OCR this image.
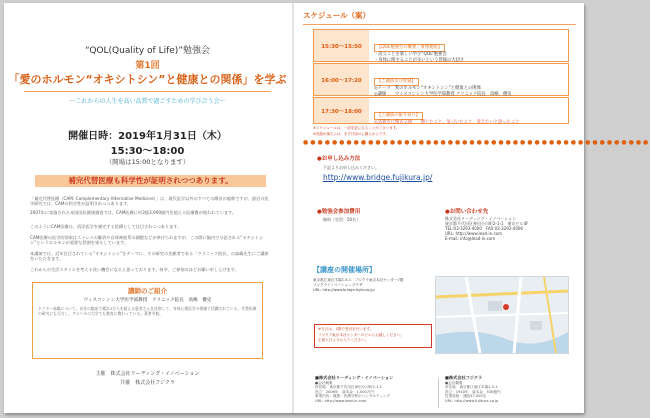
“QOL(Quality of Life)”勉強会
第1回
「愛のホルモン“オキシトシン”と健康との関係」を学ぶ
～これからの人生を高い品質で過ごすための学び合う会～
開催日時：2019年1月31日（木）
15:30～18:00
（開場は15:00となります）
補完代替医療も科学性が証明されつつあります。
「補完代替医療（CAM: Complementary Alternative Medicine）」は、現代医学以外のすべての療法の総称ですが、最近の医学研究では、CAMの科学性が証明されつつあります。
2007年に実施された米国国民健康調査では、CAM医療に約3億3,900億円を超える医療費が使われています。
このようにCAM医療は、西洋医学を補完する医療として注目されつつあります。
CAM医療の医学的効果はストレスの解消や自律神経系の調整などが挙げられますが、この際に脳内で分泌される“オキシトシン”というホルモンが重要な役割を果たしています。
本講演では、近年注目されている“オキシトシン”をテーマに、その研究の先駆者である「クリニック院長」の高嶋先生にご講演をいただきます。
これからの生活スタイルを考える良い機会になると思っております。何卒、ご参加のほどお願い申し上げます。
講師のご紹介
ウィスコンシン大学医学部教授　クリニック院長　高嶋　優史
ドクター高嶋について。長年の臨床で累計2万人を超える患者さんを診察して、身体心理医学の領域で活躍されている。代替医療の研究にも尽力し、アメリカの大学でも教育に携わっている。著書多数。
主催　株式会社リーディング・イノベーション
共催　株式会社フジクラ
スケジュール（案）
15:30～15:50	【QOL勉強会の概要／事務連絡】
・設立ことを楽しい学び“QOL”勉強会
・身体に関することが多いという皆様の大切さ
16:00～17:20	【ご講演及び質疑】
◎テーマ　愛のホルモン“オキシトシン”と健康との関係
◎講師　　ウィスコンシン大学医学部教授 クリニック院長　高嶋　優史
17:30～18:00
【ご講演の振り返り】
◎気置きに慢式交流　　感じたこと、気づいたこと、変えたいと思ったこと
※スケジュールは、一部変更になることがございます。
※笑顔が満ちには、まず日頃の心構えからです。
●●●●●●●●●●●●●●●●●●●●●●●●●●●●●●●●●●●●●●●●●●●●●●●●
●お申し込み方法
下記よりお申し込みください。
http://www.bridge.fujikura.jp/
●勉強会参加費用
無料（定員：50名）
●お問い合わせ先
株式会社リーディング・イノベーション
東京都千代田区神田小川町2-1-1　東京ビル4F
TEL:03-3293-4000　FAX:03-3293-4006
URL: http://www.lead-in.com
E-mail: info@lead-in.com
【講座の開催場所】
東京都江東区木場1-5-1　フジクラ東京本社センター7階
フジクライノベーションプラザ
URL: http://www.bridge.fujikura.jp/
※当日は、1階で受付を行います。
フジクラ東京本社センターのビルにお越しください。
正面入口よりお入りください。
■株式会社リーディング・イノベーション
●会社概要
所在地：東京都千代田区神田小川町2-1-1
設立：2006年　資本金：1,000万円
事業内容：健康・医療分野のコンサルティング
URL: http://www.lead-in.com
■株式会社フジクラ
●会社概要
所在地：東京都江東区木場1-5-1
設立：1910年　資本金：530億円
従業員数：連結57,000名
URL: http://www.fujikura.co.jp
